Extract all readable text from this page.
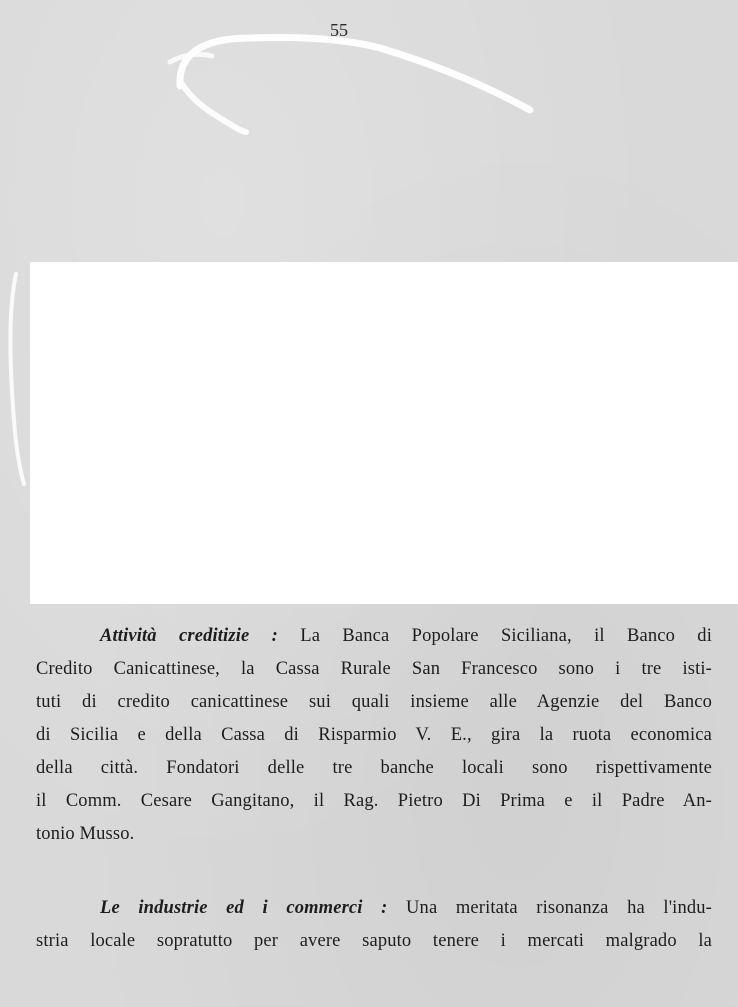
55
Attività creditizie : La Banca Popolare Siciliana, il Banco di
Credito Canicattinese, la Cassa Rurale San Francesco sono i tre isti-
tuti di credito canicattinese sui quali insieme alle Agenzie del Banco
di Sicilia e della Cassa di Risparmio V. E., gira la ruota economica
della città. Fondatori delle tre banche locali sono rispettivamente
il Comm. Cesare Gangitano, il Rag. Pietro Di Prima e il Padre An-
tonio Musso.
Le industrie ed i commerci : Una meritata risonanza ha l'indu-
stria locale sopratutto per avere saputo tenere i mercati malgrado la
